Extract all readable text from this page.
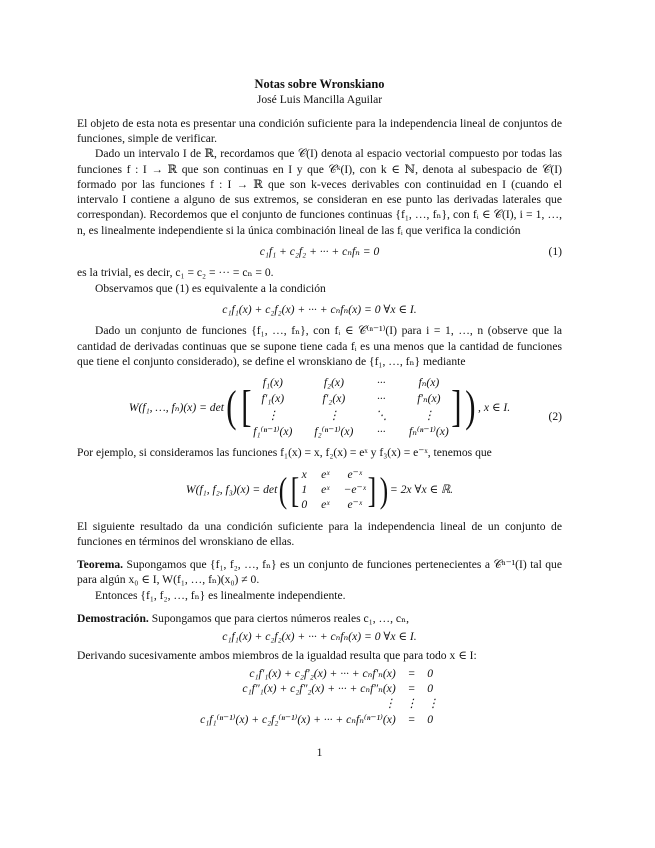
Notas sobre Wronskiano
José Luis Mancilla Aguilar

El objeto de esta nota es presentar una condición suficiente para la independencia lineal de conjuntos de funciones, simple de verificar.

Dado un intervalo I de ℝ, recordamos que 𝒞(I) denota al espacio vectorial compuesto por todas las funciones f : I → ℝ que son continuas en I y que 𝒞ᵏ(I), con k ∈ ℕ, denota al subespacio de 𝒞(I) formado por las funciones f : I → ℝ que son k-veces derivables con continuidad en I (cuando el intervalo I contiene a alguno de sus extremos, se consideran en ese punto las derivadas laterales que correspondan). Recordemos que el conjunto de funciones continuas {f₁, …, fₙ}, con fᵢ ∈ 𝒞(I), i = 1, …, n, es linealmente independiente si la única combinación lineal de las fᵢ que verifica la condición

c₁f₁ + c₂f₂ + ··· + cₙfₙ = 0	(1)

es la trivial, es decir, c₁ = c₂ = ··· = cₙ = 0.

Observamos que (1) es equivalente a la condición

c₁f₁(x) + c₂f₂(x) + ··· + cₙfₙ(x) = 0 ∀x ∈ I.

Dado un conjunto de funciones {f₁, …, fₙ}, con fᵢ ∈ 𝒞⁽ⁿ⁻¹⁾(I) para i = 1, …, n (observe que la cantidad de derivadas continuas que se supone tiene cada fᵢ es una menos que la cantidad de funciones que tiene el conjunto considerado), se define el wronskiano de {f₁, …, fₙ} mediante

W(f₁, …, fₙ)(x) = det ( [	f₁(x)	f₂(x)	···	fₙ(x)
f′₁(x)	f′₂(x)	···	f′ₙ(x)
⋮	⋮	⋱	⋮
f₁⁽ⁿ⁻¹⁾(x) f₂⁽ⁿ⁻¹⁾(x) ··· fₙ⁽ⁿ⁻¹⁾(x)
] ) , x ∈ I.
(2)

Por ejemplo, si consideramos las funciones f₁(x) = x, f₂(x) = eˣ y f₃(x) = e⁻ˣ, tenemos que

W(f₁, f₂, f₃)(x) = det ( [ x eˣ	e⁻ˣ
1 eˣ −e⁻ˣ
0 eˣ	e⁻ˣ ] ) = 2x ∀x ∈ ℝ.

El siguiente resultado da una condición suficiente para la independencia lineal de un conjunto de funciones en términos del wronskiano de ellas.

Teorema. Supongamos que {f₁, f₂, …, fₙ} es un conjunto de funciones pertenecientes a 𝒞ⁿ⁻¹(I) tal que para algún x₀ ∈ I, W(f₁, …, fₙ)(x₀) ≠ 0.

Entonces {f₁, f₂, …, fₙ} es linealmente independiente.

Demostración. Supongamos que para ciertos números reales c₁, …, cₙ,

c₁f₁(x) + c₂f₂(x) + ··· + cₙfₙ(x) = 0 ∀x ∈ I.

Derivando sucesivamente ambos miembros de la igualdad resulta que para todo x ∈ I:

c₁f′₁(x) + c₂f′₂(x) + ··· + cₙf′ₙ(x) = 0
c₁f″₁(x) + c₂f″₂(x) + ··· + cₙf″ₙ(x) = 0
⋮ ⋮ ⋮
c₁f₁⁽ⁿ⁻¹⁾(x) + c₂f₂⁽ⁿ⁻¹⁾(x) + ··· + cₙfₙ⁽ⁿ⁻¹⁾(x) = 0
1
